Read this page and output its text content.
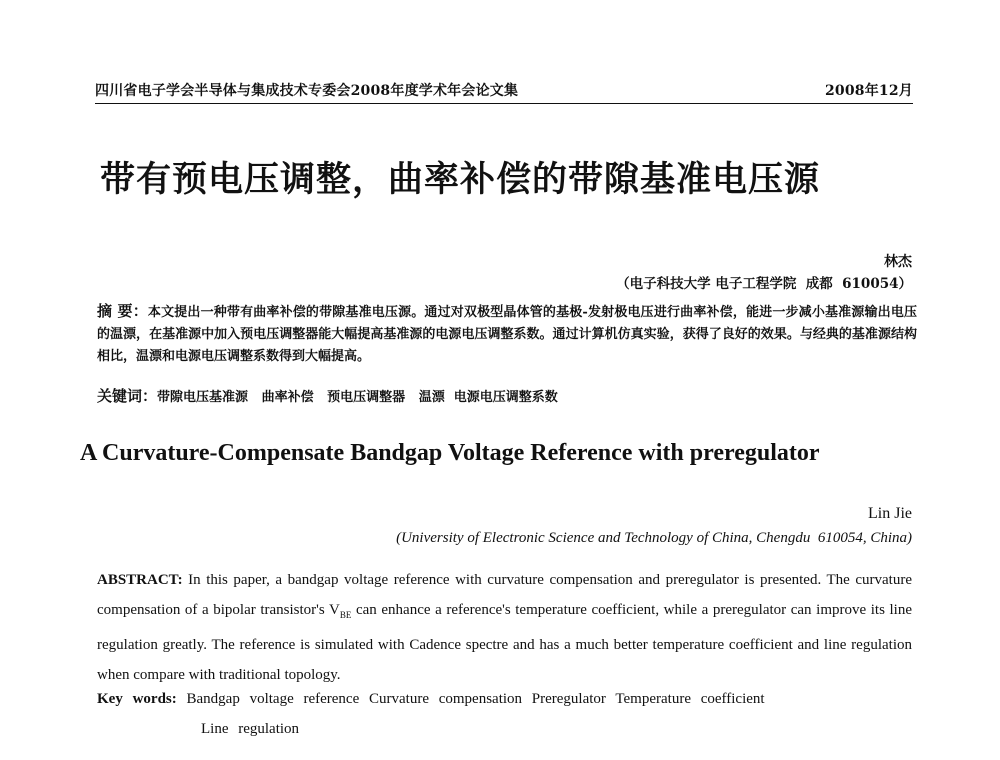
四川省电子学会半导体与集成技术专委会2008年度学术年会论文集	2008年12月
带有预电压调整，曲率补偿的带隙基准电压源
林杰
（电子科技大学 电子工程学院  成都  610054）
摘 要：本文提出一种带有曲率补偿的带隙基准电压源。通过对双极型晶体管的基极-发射极电压进行曲率补偿，能进一步减小基准源输出电压的温漂，在基准源中加入预电压调整器能大幅提高基准源的电源电压调整系数。通过计算机仿真实验，获得了良好的效果。与经典的基准源结构相比，温漂和电源电压调整系数得到大幅提高。
关键词：带隙电压基准源   曲率补偿   预电压调整器   温漂  电源电压调整系数
A Curvature-Compensate Bandgap Voltage Reference with preregulator
Lin Jie
(University of Electronic Science and Technology of China, Chengdu  610054, China)
ABSTRACT: In this paper, a bandgap voltage reference with curvature compensation and preregulator is presented. The curvature compensation of a bipolar transistor's $V_{BE}$ can enhance a reference's temperature coefficient, while a preregulator can improve its line regulation greatly. The reference is simulated with Cadence spectre and has a much better temperature coefficient and line regulation when compare with traditional topology.
Key words: Bandgap voltage reference Curvature compensation Preregulator Temperature coefficient
Line regulation
